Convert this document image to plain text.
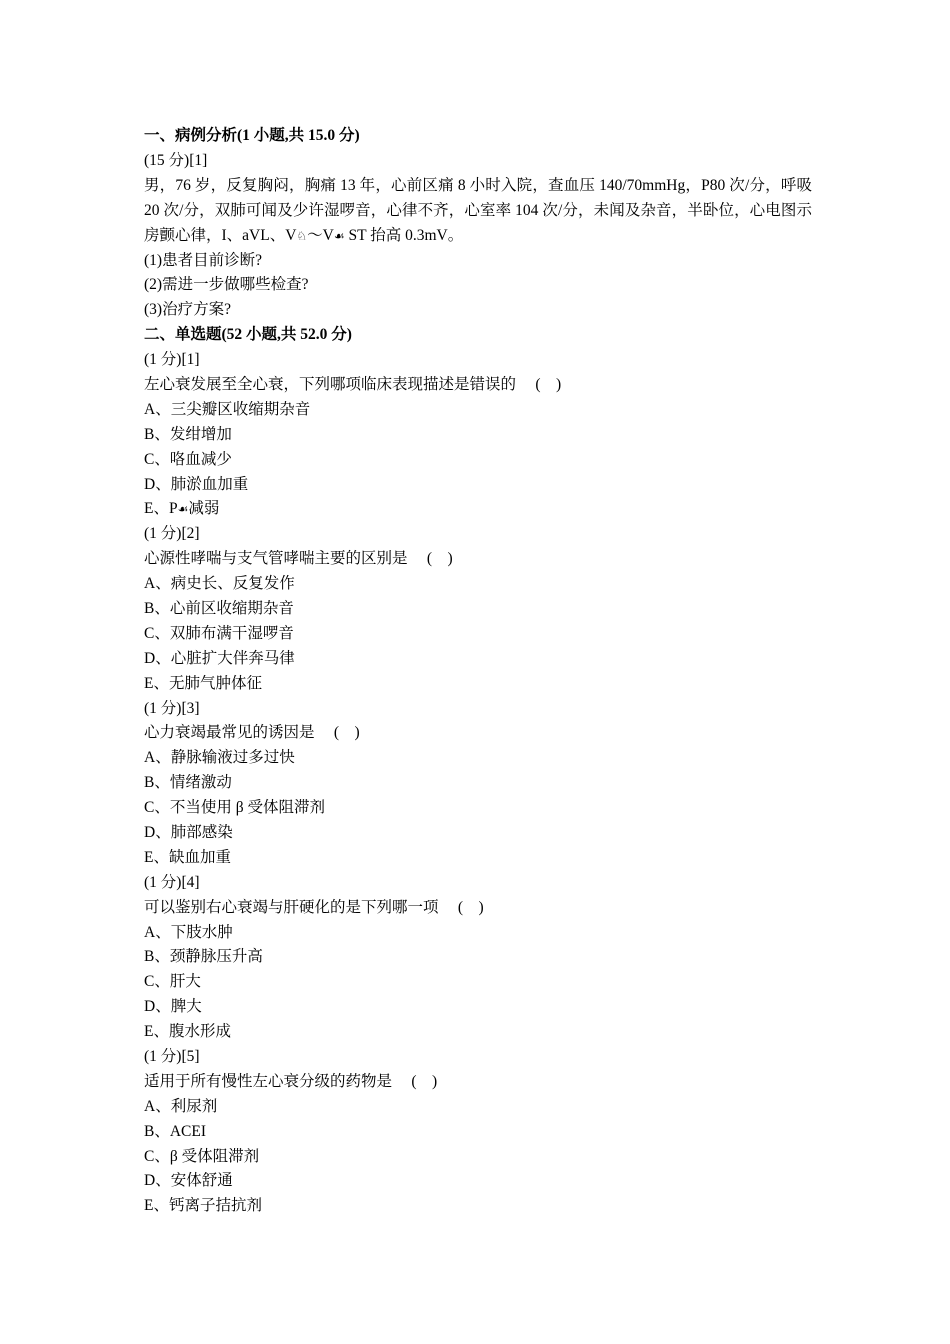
一、病例分析(1 小题,共 15.0 分)
(15 分)[1]
男，76 岁，反复胸闷，胸痛 13 年，心前区痛 8 小时入院，查血压 140/70mmHg，P80 次/分，呼吸 20 次/分，双肺可闻及少许湿啰音，心律不齐，心室率 104 次/分，未闻及杂音，半卧位，心电图示房颤心律，I、aVL、V♘～V☙ ST 抬高 0.3mV。
(1)患者目前诊断?
(2)需进一步做哪些检查?
(3)治疗方案?
二、单选题(52 小题,共 52.0 分)
(1 分)[1]
左心衰发展至全心衰，下列哪项临床表现描述是错误的　 (　)
A、三尖瓣区收缩期杂音
B、发绀增加
C、咯血减少
D、肺淤血加重
E、P☙减弱
(1 分)[2]
心源性哮喘与支气管哮喘主要的区别是　 (　)
A、病史长、反复发作
B、心前区收缩期杂音
C、双肺布满干湿啰音
D、心脏扩大伴奔马律
E、无肺气肿体征
(1 分)[3]
心力衰竭最常见的诱因是　 (　)
A、静脉输液过多过快
B、情绪激动
C、不当使用 β 受体阻滞剂
D、肺部感染
E、缺血加重
(1 分)[4]
可以鉴别右心衰竭与肝硬化的是下列哪一项　 (　)
A、下肢水肿
B、颈静脉压升高
C、肝大
D、脾大
E、腹水形成
(1 分)[5]
适用于所有慢性左心衰分级的药物是　 (　)
A、利尿剂
B、ACEI
C、β 受体阻滞剂
D、安体舒通
E、钙离子拮抗剂
